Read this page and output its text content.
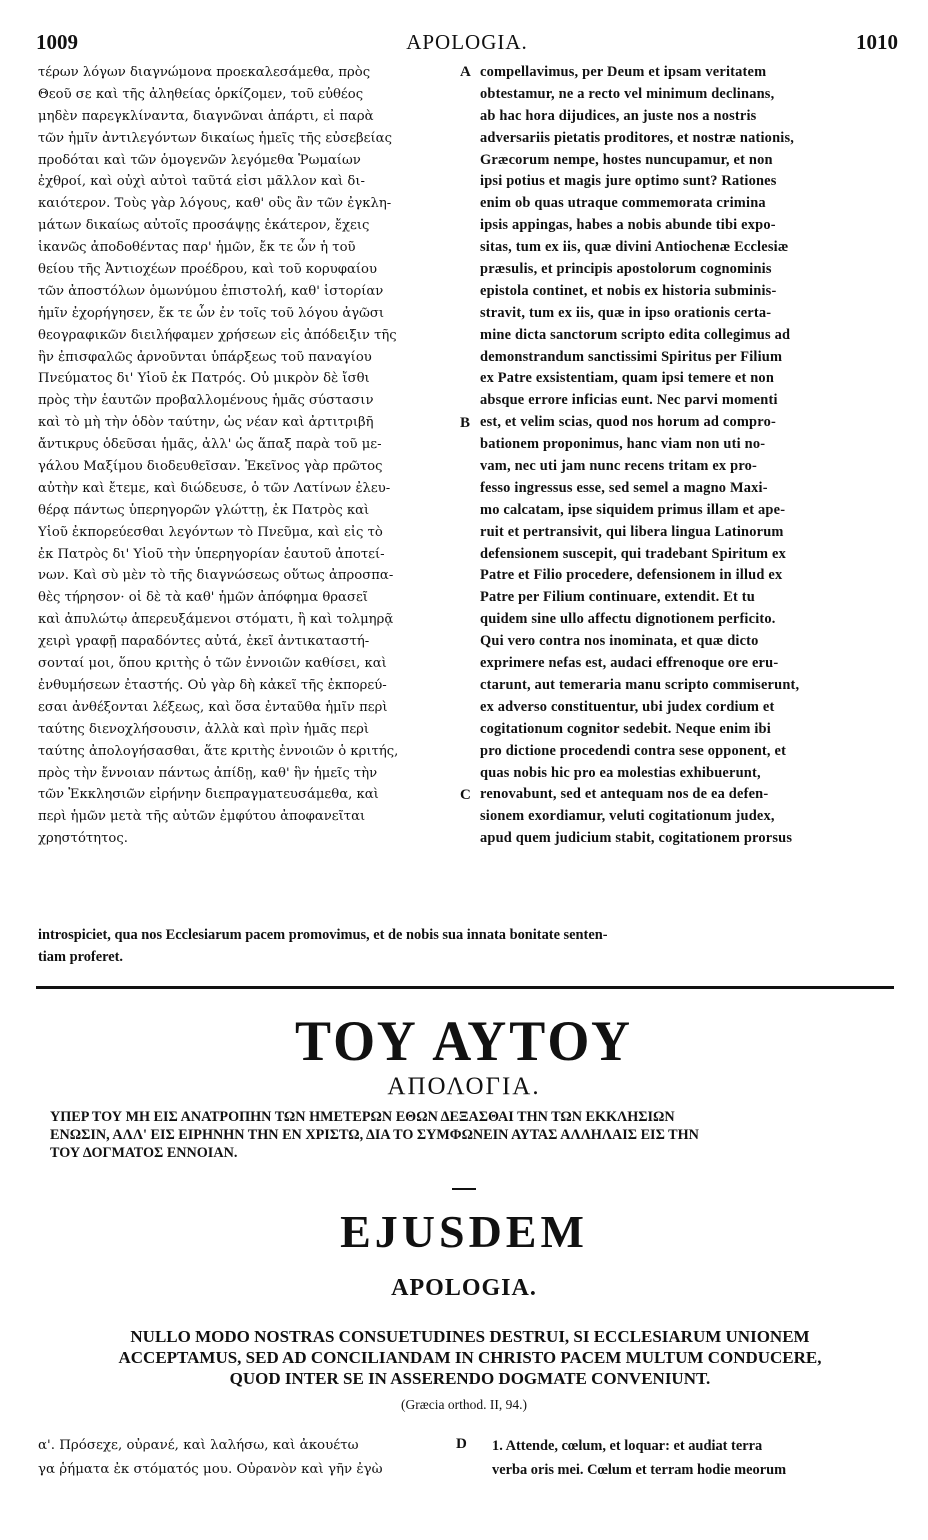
1009	APOLOGIA.	1010
τέρων λόγων διαγνώμονα προεκαλεσάμεθα, πρὸς
Θεοῦ σε καὶ τῆς ἀληθείας ὁρκίζομεν, τοῦ εὐθέος
μηδὲν παρεγκλίναντα, διαγνῶναι ἀπάρτι, εἰ παρὰ
τῶν ἡμῖν ἀντιλεγόντων δικαίως ἡμεῖς τῆς εὐσεβείας
προδόται καὶ τῶν ὁμογενῶν λεγόμεθα Ῥωμαίων
ἐχθροί, καὶ οὐχὶ αὐτοὶ ταῦτά εἰσι μᾶλλον καὶ δι-
καιότερον. Τοὺς γὰρ λόγους, καθ' οὓς ἂν τῶν ἐγκλη-
μάτων δικαίως αὐτοῖς προσάψῃς ἑκάτερον, ἔχεις
ἱκανῶς ἀποδοθέντας παρ' ἡμῶν, ἔκ τε ὧν ἡ τοῦ
θείου τῆς Ἀντιοχέων προέδρου, καὶ τοῦ κορυφαίου
τῶν ἀποστόλων ὁμωνύμου ἐπιστολή, καθ' ἱστορίαν
ἡμῖν ἐχορήγησεν, ἔκ τε ὧν ἐν τοῖς τοῦ λόγου ἀγῶσι
θεογραφικῶν διειλήφαμεν χρήσεων εἰς ἀπόδειξιν τῆς
ἣν ἐπισφαλῶς ἀρνοῦνται ὑπάρξεως τοῦ παναγίου
Πνεύματος δι' Υἱοῦ ἐκ Πατρός. Οὐ μικρὸν δὲ ἴσθι
πρὸς τὴν ἑαυτῶν προβαλλομένους ἡμᾶς σύστασιν
καὶ τὸ μὴ τὴν ὁδὸν ταύτην, ὡς νέαν καὶ ἀρτιτριβῆ
ἄντικρυς ὁδεῦσαι ἡμᾶς, ἀλλ' ὡς ἅπαξ παρὰ τοῦ με-
γάλου Μαξίμου διοδευθεῖσαν. Ἐκεῖνος γὰρ πρῶτος
αὐτὴν καὶ ἔτεμε, καὶ διώδευσε, ὁ τῶν Λατίνων ἐλευ-
θέρᾳ πάντως ὑπερηγορῶν γλώττῃ, ἐκ Πατρὸς καὶ
Υἱοῦ ἐκπορεύεσθαι λεγόντων τὸ Πνεῦμα, καὶ εἰς τὸ
ἐκ Πατρὸς δι' Υἱοῦ τὴν ὑπερηγορίαν ἑαυτοῦ ἀποτεί-
νων. Καὶ σὺ μὲν τὸ τῆς διαγνώσεως οὕτως ἀπροσπα-
θὲς τήρησον· οἱ δὲ τὰ καθ' ἡμῶν ἀπόφημα θρασεῖ
καὶ ἀπυλώτῳ ἀπερευξάμενοι στόματι, ἢ καὶ τολμηρᾷ
χειρὶ γραφῇ παραδόντες αὐτά, ἐκεῖ ἀντικαταστή-
σονταί μοι, ὅπου κριτὴς ὁ τῶν ἐννοιῶν καθίσει, καὶ
ἐνθυμήσεων ἐταστής. Οὐ γὰρ δὴ κἀκεῖ τῆς ἐκπορεύ-
εσαι ἀνθέξονται λέξεως, καὶ ὅσα ἐνταῦθα ἡμῖν περὶ
ταύτης διενοχλήσουσιν, ἀλλὰ καὶ πρὶν ἡμᾶς περὶ
ταύτης ἀπολογήσασθαι, ἅτε κριτὴς ἐννοιῶν ὁ κριτής,
πρὸς τὴν ἔννοιαν πάντως ἀπίδῃ, καθ' ἣν ἡμεῖς τὴν
τῶν Ἐκκλησιῶν εἰρήνην διεπραγματευσάμεθα, καὶ
περὶ ἡμῶν μετὰ τῆς αὐτῶν ἐμφύτου ἀποφανεῖται
χρηστότητος.
compellavimus, per Deum et ipsam veritatem
obtestamur, ne a recto vel minimum declinans,
ab hac hora dijudices, an juste nos a nostris
adversariis pietatis proditores, et nostræ nationis,
Græcorum nempe, hostes nuncupamur, et non
ipsi potius et magis jure optimo sunt? Rationes
enim ob quas utraque commemorata crimina
ipsis appingas, habes a nobis abunde tibi expo-
sitas, tum ex iis, quæ divini Antiochenæ Ecclesiæ
præsulis, et principis apostolorum cognominis
epistola continet, et nobis ex historia subminis-
stravit, tum ex iis, quæ in ipso orationis certa-
mine dicta sanctorum scripto edita collegimus ad
demonstrandum sanctissimi Spiritus per Filium
ex Patre exsistentiam, quam ipsi temere et non
absque errore inficias eunt. Nec parvi momenti
est, et velim scias, quod nos horum ad compro-
bationem proponimus, hanc viam non uti no-
vam, nec uti jam nunc recens tritam ex pro-
fesso ingressus esse, sed semel a magno Maxi-
mo calcatam, ipse siquidem primus illam et ape-
ruit et pertransivit, qui libera lingua Latinorum
defensionem suscepit, qui tradebant Spiritum ex
Patre et Filio procedere, defensionem in illud ex
Patre per Filium continuare, extendit. Et tu
quidem sine ullo affectu dignotionem perficito.
Qui vero contra nos inominata, et quæ dicto
exprimere nefas est, audaci effrenoque ore eru-
ctarunt, aut temeraria manu scripto commiserunt,
ex adverso constituentur, ubi judex cordium et
cogitationum cognitor sedebit. Neque enim ibi
pro dictione procedendi contra sese opponent, et
quas nobis hic pro ea molestias exhibuerunt,
renovabunt, sed et antequam nos de ea defen-
sionem exordiamur, veluti cogitationum judex,
apud quem judicium stabit, cogitationem prorsus
A
B
C
introspiciet, qua nos Ecclesiarum pacem promovimus, et de nobis sua innata bonitate senten-
tiam proferet.
ΤΟΥ ΑΥΤΟΥ
ΑΠΟΛΟΓΙΑ.
ΥΠΕΡ ΤΟΥ ΜΗ ΕΙΣ ΑΝΑΤΡΟΠΗΝ ΤΩΝ ΗΜΕΤΕΡΩΝ ΕΘΩΝ ΔΕΞΑΣΘΑΙ ΤΗΝ ΤΩΝ ΕΚΚΛΗΣΙΩΝ
ΕΝΩΣΙΝ, ΑΛΛ' ΕΙΣ ΕΙΡΗΝΗΝ ΤΗΝ ΕΝ ΧΡΙΣΤΩ, ΔΙΑ ΤΟ ΣΥΜΦΩΝΕΙΝ ΑΥΤΑΣ ΑΛΛΗΛΑΙΣ ΕΙΣ ΤΗΝ
ΤΟΥ ΔΟΓΜΑΤΟΣ ΕΝΝΟΙΑΝ.
EJUSDEM
APOLOGIA.
NULLO MODO NOSTRAS CONSUETUDINES DESTRUI, SI ECCLESIARUM UNIONEM
ACCEPTAMUS, SED AD CONCILIANDAM IN CHRISTO PACEM MULTUM CONDUCERE,
QUOD INTER SE IN ASSERENDO DOGMATE CONVENIUNT.
(Græcia orthod. II, 94.)
α'. Πρόσεχε, οὐρανέ, καὶ λαλήσω, καὶ ἀκουέτω
γα ῥήματα ἐκ στόματός μου. Οὐρανὸν καὶ γῆν ἐγὼ
D 1. Attende, cœlum, et loquar: et audiat terra
verba oris mei. Cœlum et terram hodie meorum
